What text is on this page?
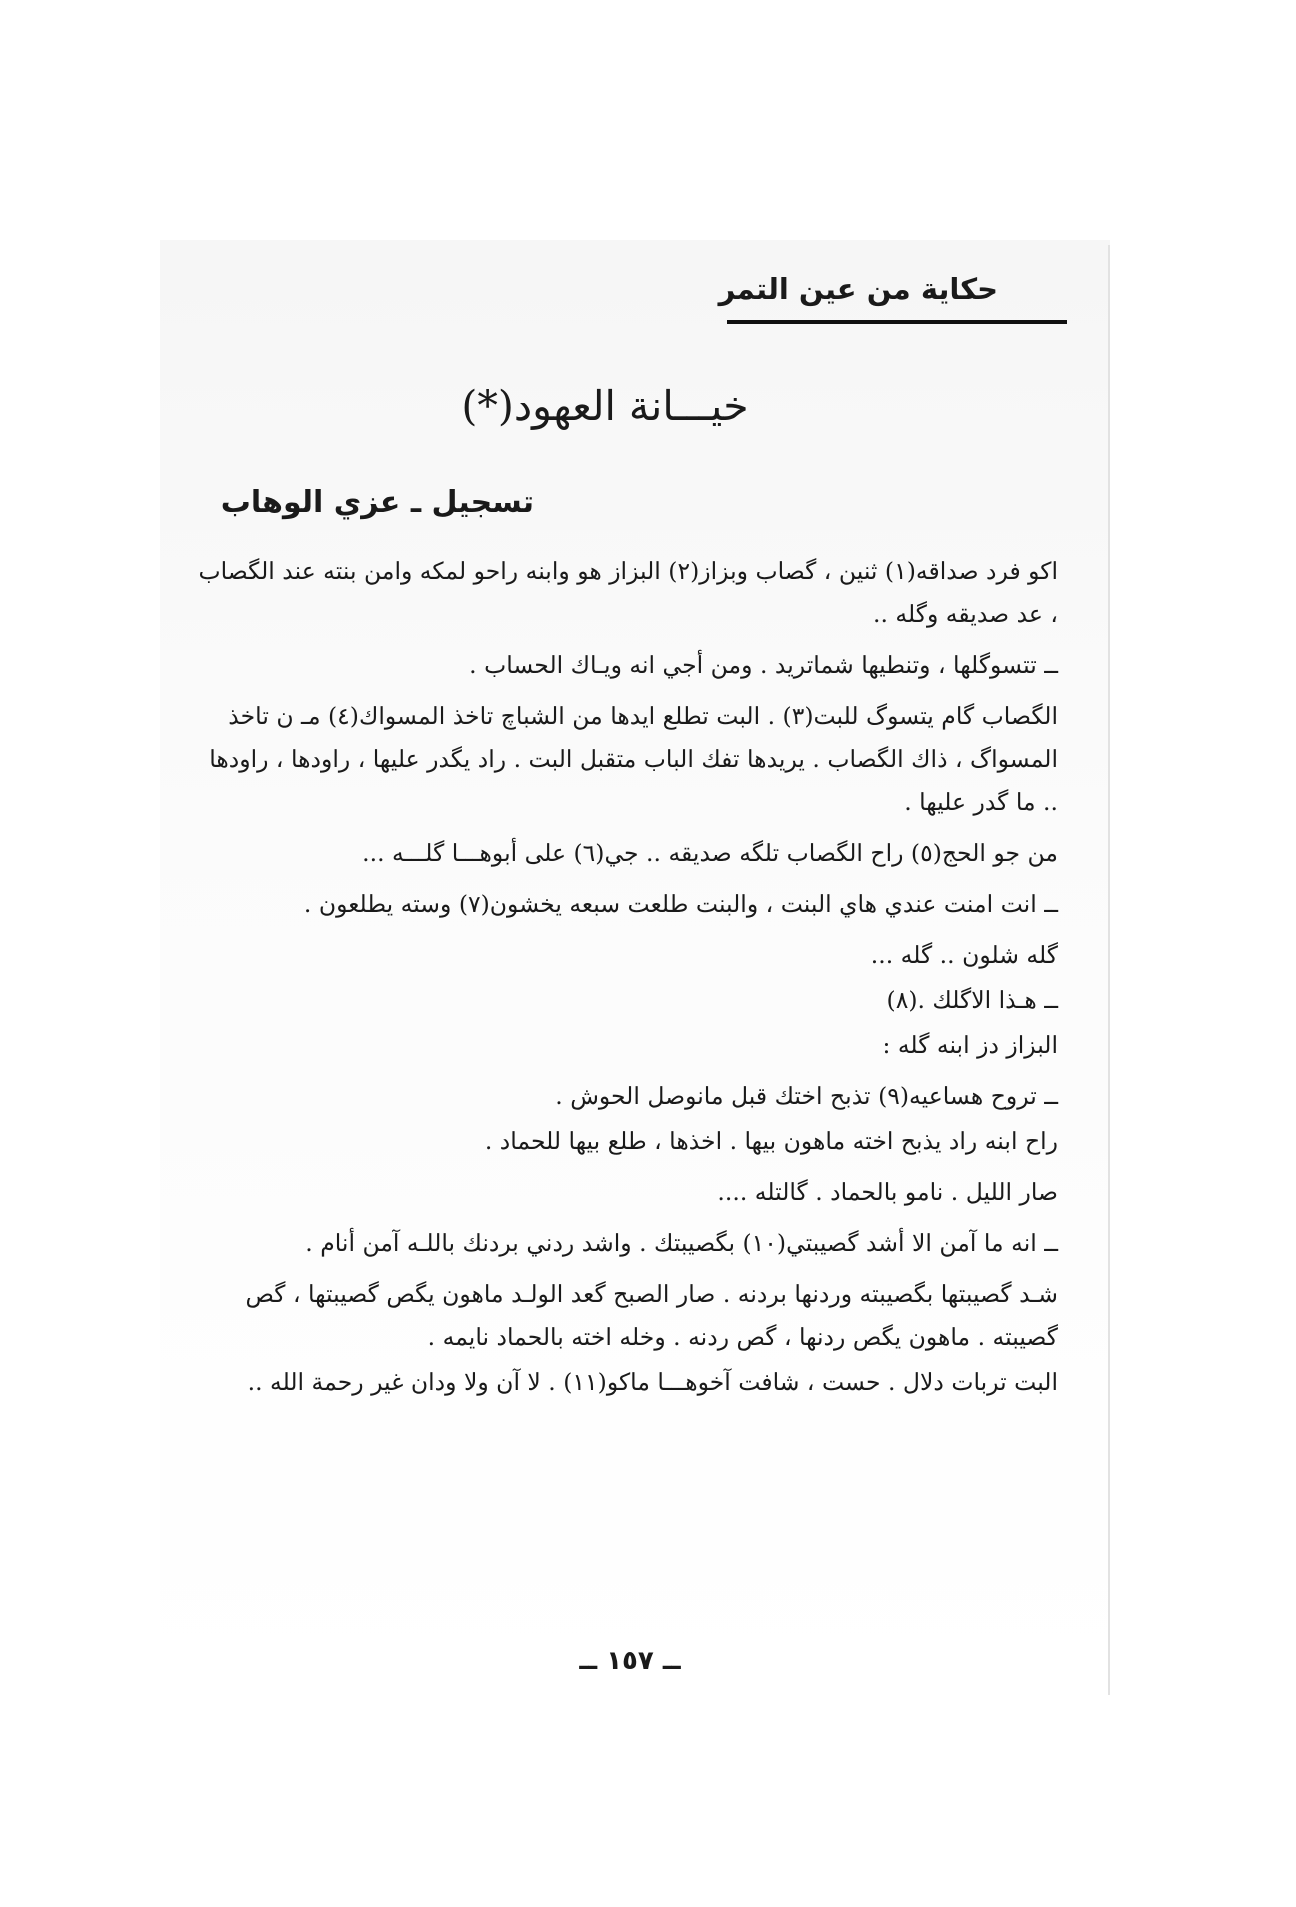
حكاية من عين التمر
خيـــانة العهود(*)
تسجيل ـ عزي الوهاب

اكو فرد صداقه(١) ثنين ، گصاب وبزاز(٢) البزاز هو وابنه راحو لمكه وامن بنته عند الگصاب ، عد صديقه وگله ..

ــ تتسوگلها ، وتنطيها شماتريد . ومن أجي انه ويـاك الحساب .

الگصاب گام يتسوگ للبت(٣) . البت تطلع ايدها من الشباچ تاخذ المسواك(٤) مـ ن تاخذ المسواگ ، ذاك الگصاب . يريدها تفك الباب متقبل البت . راد يگدر عليها ، راودها ، راودها .. ما گدر عليها .

من جو الحج(٥) راح الگصاب تلگه صديقه .. جي(٦) على أبوهـــا گلـــه ...

ــ انت امنت عندي هاي البنت ، والبنت طلعت سبعه يخشون(٧) وسته يطلعون .

گله شلون .. گله ...

ــ هـذا الاگلك .(٨)

البزاز دز ابنه گله :

ــ تروح هساعيه(٩) تذبح اختك قبل مانوصل الحوش .

راح ابنه راد يذبح اخته ماهون بيها . اخذها ، طلع بيها للحماد .

صار الليل . نامو بالحماد . گالتله ....

ــ انه ما آمن الا أشد گصيبتي(١٠) بگصيبتك . واشد ردني بردنك باللـه آمن أنام .

شـد گصيبتها بگصيبته وردنها بردنه . صار الصبح گعد الولـد ماهون يگص گصيبتها ، گص گصيبته . ماهون يگص ردنها ، گص ردنه . وخله اخته بالحماد نايمه .

البت تربات دلال . حست ، شافت آخوهـــا ماكو(١١) . لا آن ولا ودان غير رحمة الله ..

ــ ١٥٧ ــ
